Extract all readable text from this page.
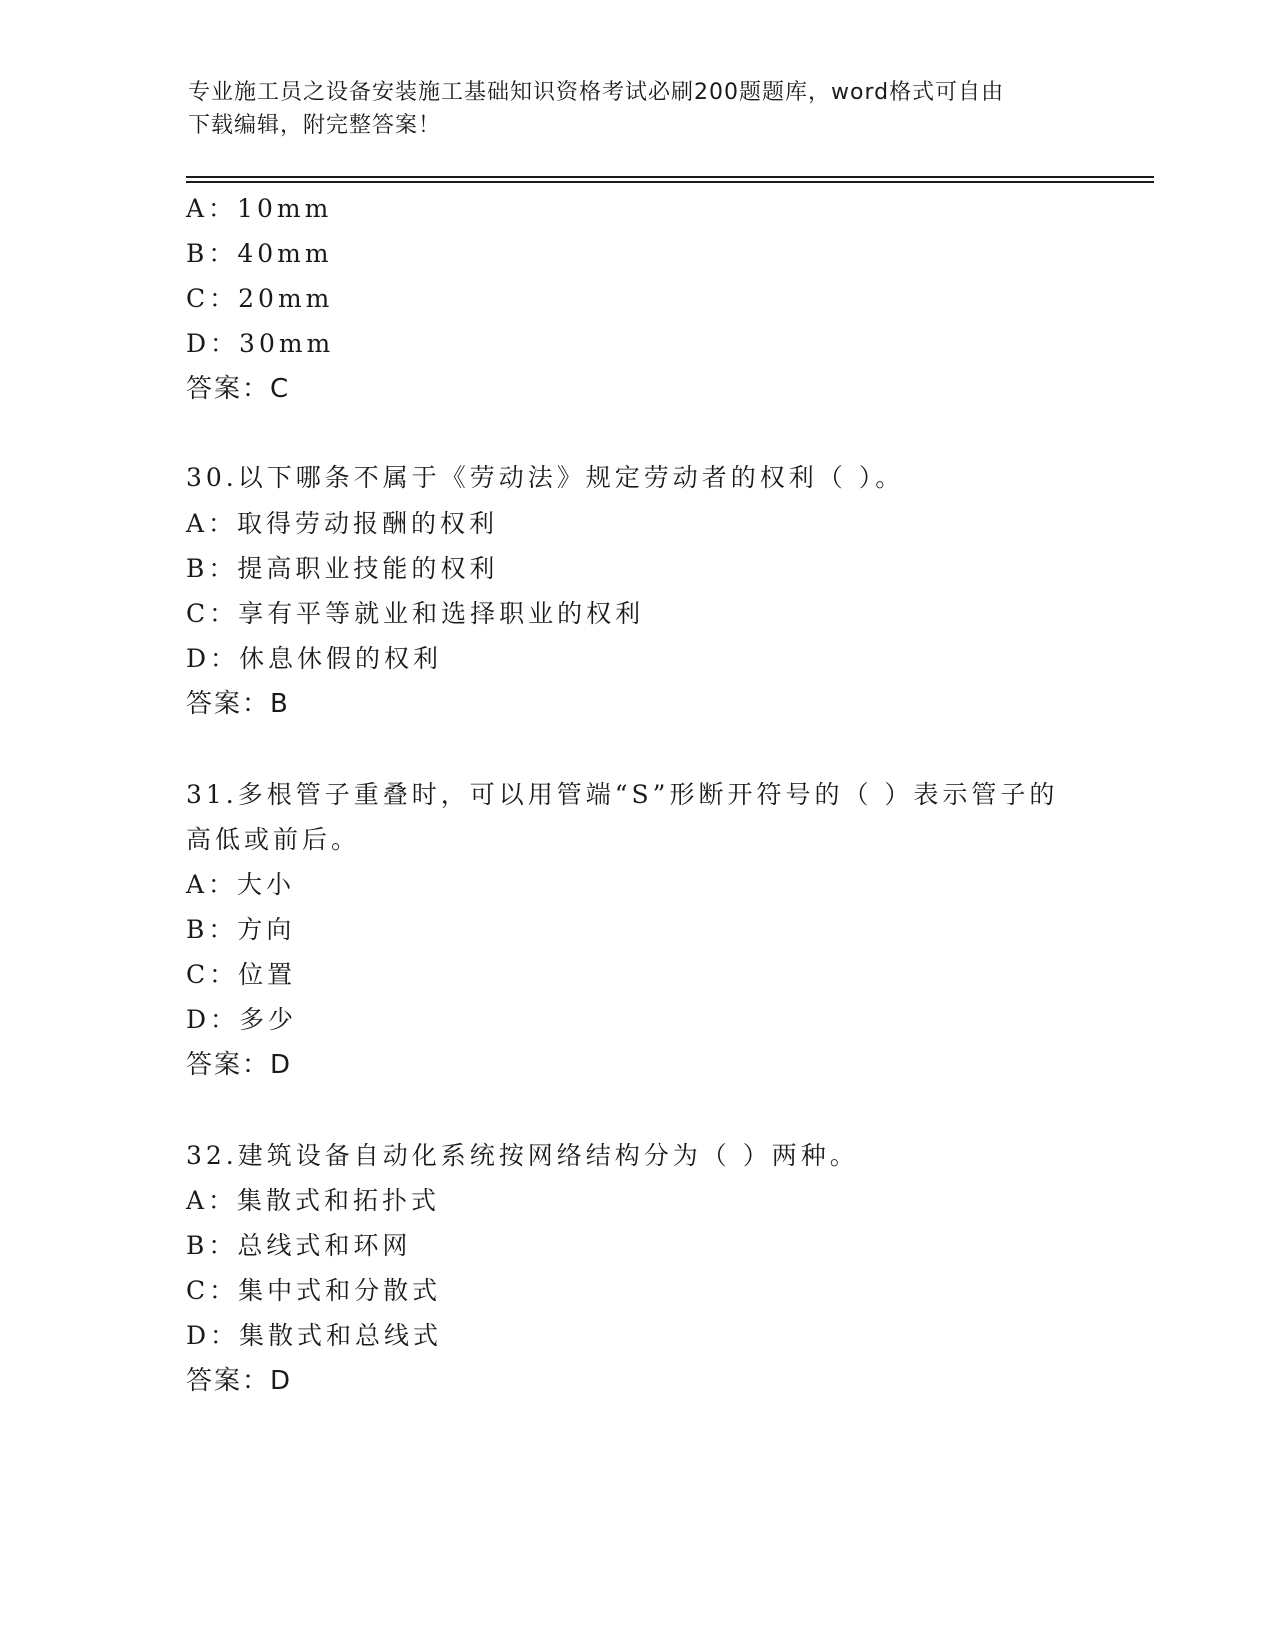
专业施工员之设备安装施工基础知识资格考试必刷200题题库，word格式可自由
下载编辑，附完整答案！
A：10mm
B：40mm
C：20mm
D：30mm
答案：C
30.以下哪条不属于《劳动法》规定劳动者的权利（ ）。
A：取得劳动报酬的权利
B：提高职业技能的权利
C：享有平等就业和选择职业的权利
D：休息休假的权利
答案：B
31.多根管子重叠时，可以用管端“S”形断开符号的（ ）表示管子的
高低或前后。
A：大小
B：方向
C：位置
D：多少
答案：D
32.建筑设备自动化系统按网络结构分为（ ）两种。
A：集散式和拓扑式
B：总线式和环网
C：集中式和分散式
D：集散式和总线式
答案：D
